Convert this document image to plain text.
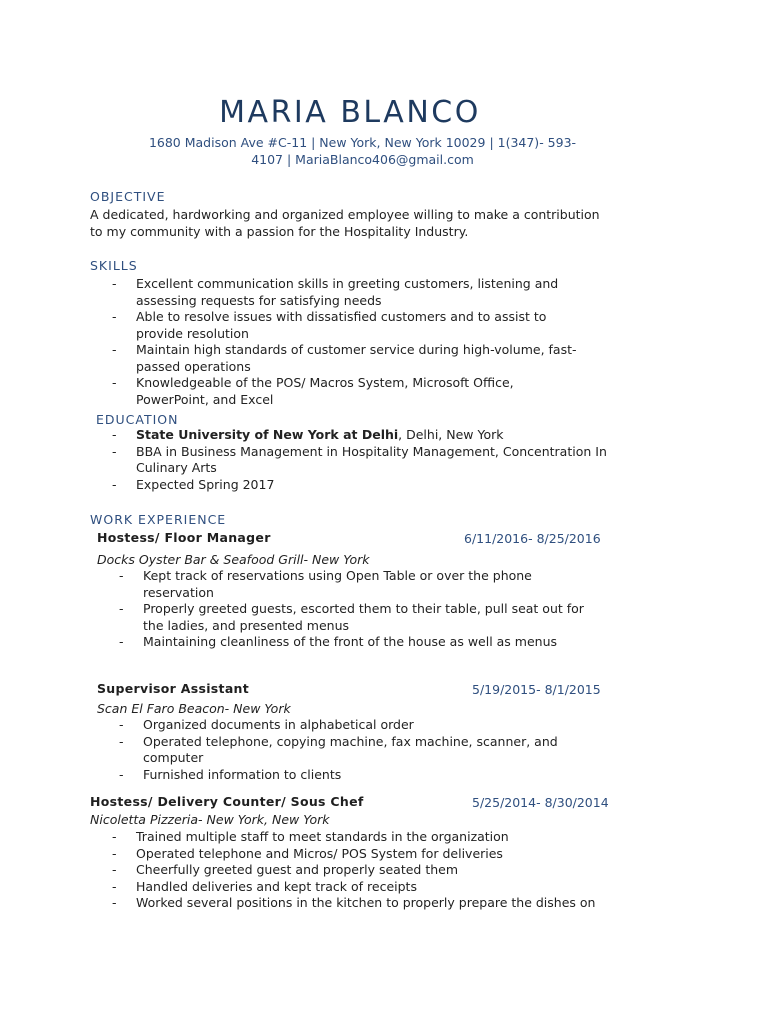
MARIA BLANCO
1680 Madison Ave #C-11 | New York, New York 10029 | 1(347)- 593-
4107 | MariaBlanco406@gmail.com
OBJECTIVE
A dedicated, hardworking and organized employee willing to make a contribution to my community with a passion for the Hospitality Industry.
SKILLS
- Excellent communication skills in greeting customers, listening and assessing requests for satisfying needs
- Able to resolve issues with dissatisfied customers and to assist to provide resolution
- Maintain high standards of customer service during high-volume, fast-passed operations
- Knowledgeable of the POS/ Macros System, Microsoft Office, PowerPoint, and Excel
EDUCATION
- State University of New York at Delhi, Delhi, New York
- BBA in Business Management in Hospitality Management, Concentration In Culinary Arts
- Expected Spring 2017
WORK EXPERIENCE
Hostess/ Floor Manager	6/11/2016- 8/25/2016
Docks Oyster Bar & Seafood Grill- New York
- Kept track of reservations using Open Table or over the phone reservation
- Properly greeted guests, escorted them to their table, pull seat out for the ladies, and presented menus
- Maintaining cleanliness of the front of the house as well as menus
Supervisor Assistant	5/19/2015- 8/1/2015
Scan El Faro Beacon- New York
- Organized documents in alphabetical order
- Operated telephone, copying machine, fax machine, scanner, and computer
- Furnished information to clients
Hostess/ Delivery Counter/ Sous Chef	5/25/2014- 8/30/2014
Nicoletta Pizzeria- New York, New York
- Trained multiple staff to meet standards in the organization
- Operated telephone and Micros/ POS System for deliveries
- Cheerfully greeted guest and properly seated them
- Handled deliveries and kept track of receipts
- Worked several positions in the kitchen to properly prepare the dishes on
